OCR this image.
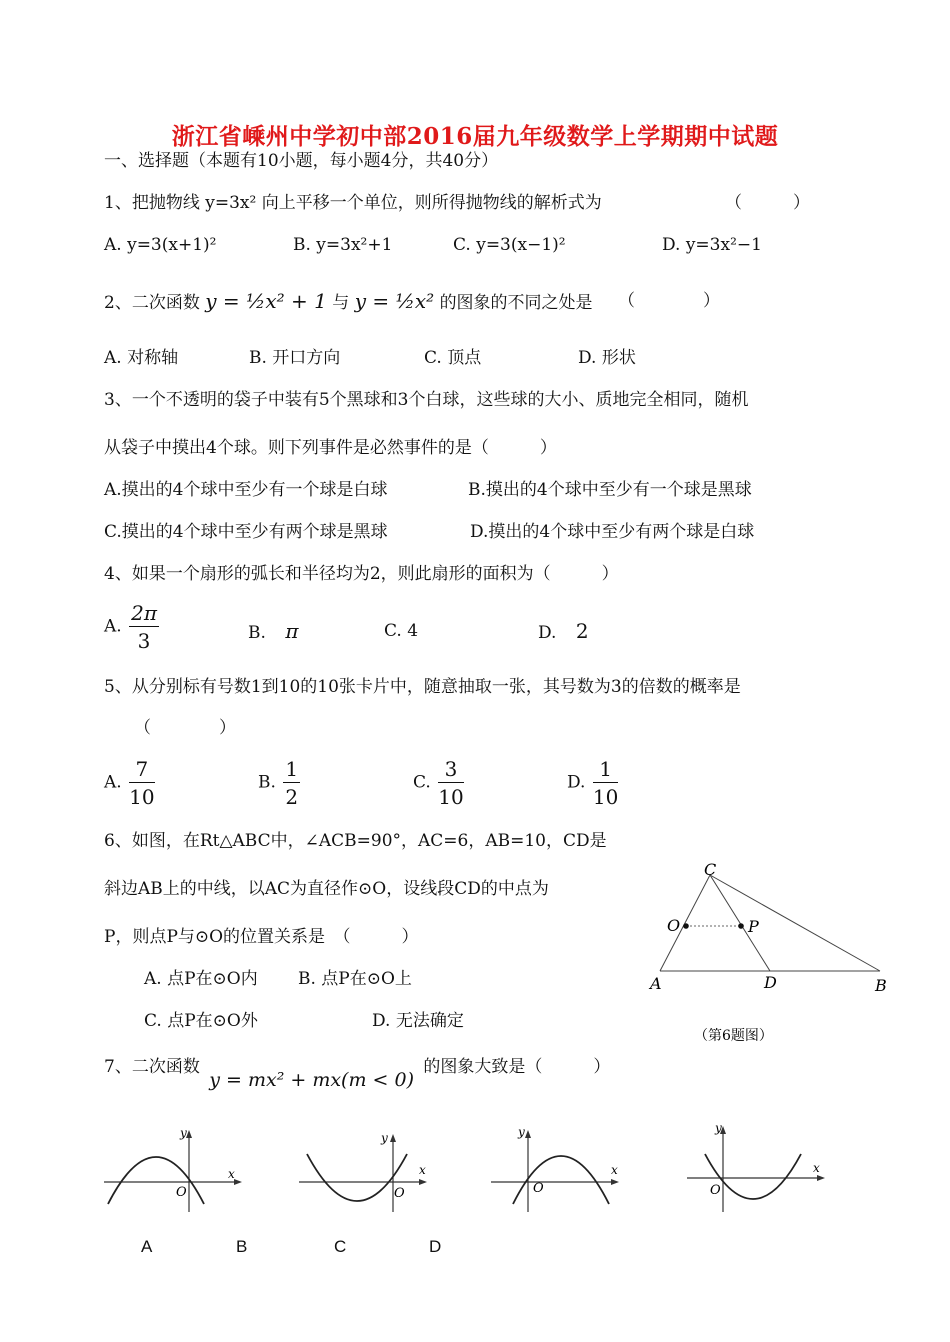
浙江省嵊州中学初中部2016届九年级数学上学期期中试题
一、选择题（本题有10小题，每小题4分，共40分）
1、把抛物线 y=3x² 向上平移一个单位，则所得抛物线的解析式为	（　　　）
A. y=3(x+1)²	B. y=3x²+1	C. y=3(x−1)²	D. y=3x²−1
2、二次函数 y = ½x² + 1 与 y = ½x² 的图象的不同之处是 （　　　　）
A. 对称轴	B. 开口方向	C. 顶点	D. 形状
3、一个不透明的袋子中装有5个黑球和3个白球，这些球的大小、质地完全相同，随机
从袋子中摸出4个球。则下列事件是必然事件的是（　　　）
A.摸出的4个球中至少有一个球是白球	B.摸出的4个球中至少有一个球是黑球
C.摸出的4个球中至少有两个球是黑球	D.摸出的4个球中至少有两个球是白球
4、如果一个扇形的弧长和半径均为2，则此扇形的面积为（　　　）
A. $\frac{2\pi}{3}$	B. π	C. 4	D. 2
5、从分别标有号数1到10的10张卡片中，随意抽取一张，其号数为3的倍数的概率是
（　　　　）
A. $\frac{7}{10}$	B. $\frac{1}{2}$	C. $\frac{3}{10}$	D. $\frac{1}{10}$
6、如图，在Rt△ABC中，∠ACB=90°，AC=6，AB=10，CD是
斜边AB上的中线，以AC为直径作⊙O，设线段CD的中点为
P，则点P与⊙O的位置关系是　（　　　）
A. 点P在⊙O内 B. 点P在⊙O上
C. 点P在⊙O外	D. 无法确定
C
O	P
A	D	B
（第6题图）
7、二次函数 y = mx² + mx(m < 0) 的图象大致是（　　　）
x
y
O
x
y
O
x
y
O
x
y
O
A	B	C	D
